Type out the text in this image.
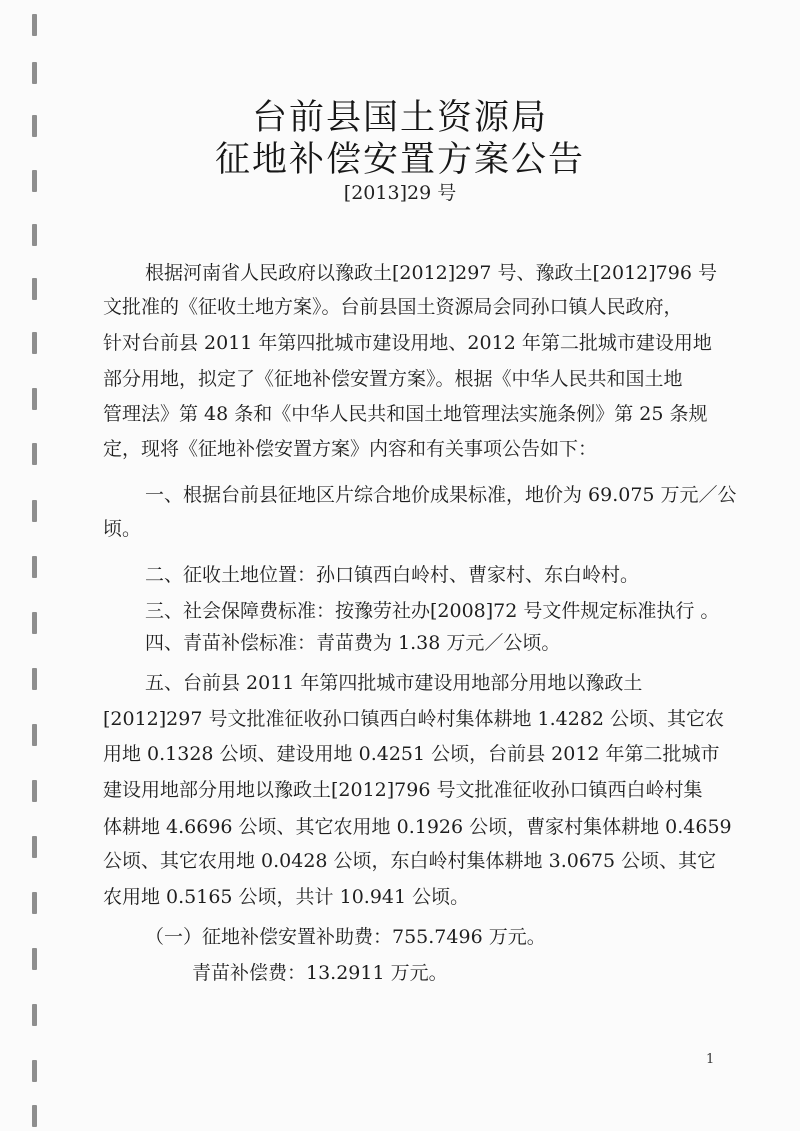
台前县国土资源局
征地补偿安置方案公告
[2013]29 号
根据河南省人民政府以豫政土[2012]297 号、豫政土[2012]796 号
文批准的《征收土地方案》。台前县国土资源局会同孙口镇人民政府，
针对台前县 2011 年第四批城市建设用地、2012 年第二批城市建设用地
部分用地，拟定了《征地补偿安置方案》。根据《中华人民共和国土地
管理法》第 48 条和《中华人民共和国土地管理法实施条例》第 25 条规
定，现将《征地补偿安置方案》内容和有关事项公告如下：
一、根据台前县征地区片综合地价成果标准，地价为 69.075 万元／公
顷。
二、征收土地位置：孙口镇西白岭村、曹家村、东白岭村。
三、社会保障费标准：按豫劳社办[2008]72 号文件规定标准执行 。
四、青苗补偿标准：青苗费为 1.38 万元／公顷。
五、台前县 2011 年第四批城市建设用地部分用地以豫政土
[2012]297 号文批准征收孙口镇西白岭村集体耕地 1.4282 公顷、其它农
用地 0.1328 公顷、建设用地 0.4251 公顷，台前县 2012 年第二批城市
建设用地部分用地以豫政土[2012]796 号文批准征收孙口镇西白岭村集
体耕地 4.6696 公顷、其它农用地 0.1926 公顷，曹家村集体耕地 0.4659
公顷、其它农用地 0.0428 公顷，东白岭村集体耕地 3.0675 公顷、其它
农用地 0.5165 公顷，共计 10.941 公顷。
（一）征地补偿安置补助费：755.7496 万元。
青苗补偿费：13.2911 万元。
1
